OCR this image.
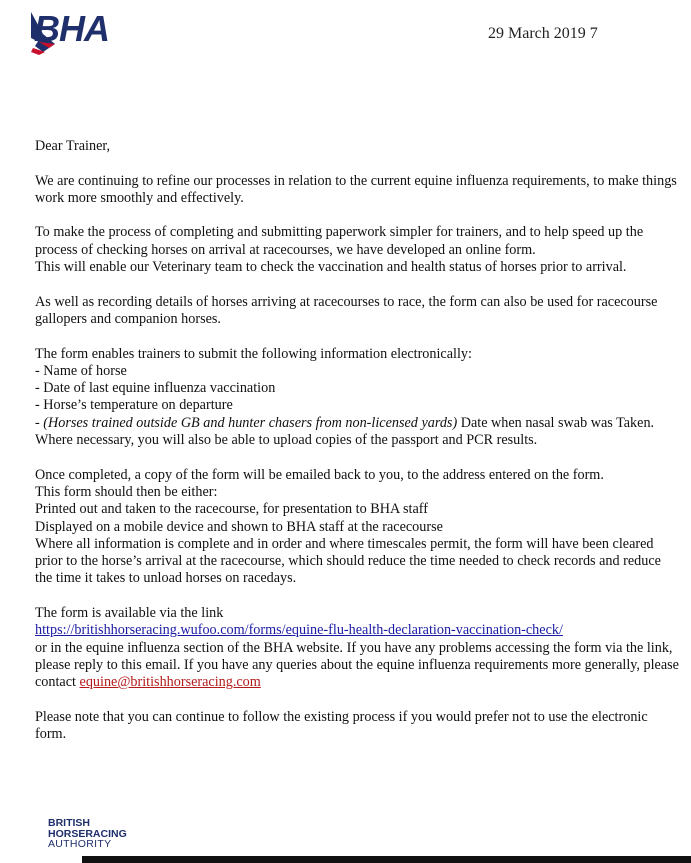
BHA	29 March 2019 7

Dear Trainer,

We are continuing to refine our processes in relation to the current equine influenza requirements, to make things work more smoothly and effectively.

To make the process of completing and submitting paperwork simpler for trainers, and to help speed up the process of checking horses on arrival at racecourses, we have developed an online form.
This will enable our Veterinary team to check the vaccination and health status of horses prior to arrival.

As well as recording details of horses arriving at racecourses to race, the form can also be used for racecourse gallopers and companion horses.

The form enables trainers to submit the following information electronically:
- Name of horse
- Date of last equine influenza vaccination
- Horse’s temperature on departure
- (Horses trained outside GB and hunter chasers from non-licensed yards) Date when nasal swab was Taken.
Where necessary, you will also be able to upload copies of the passport and PCR results.

Once completed, a copy of the form will be emailed back to you, to the address entered on the form.
This form should then be either:
Printed out and taken to the racecourse, for presentation to BHA staff
Displayed on a mobile device and shown to BHA staff at the racecourse
Where all information is complete and in order and where timescales permit, the form will have been cleared prior to the horse’s arrival at the racecourse, which should reduce the time needed to check records and reduce the time it takes to unload horses on racedays.

The form is available via the link
https://britishhorseracing.wufoo.com/forms/equine-flu-health-declaration-vaccination-check/
or in the equine influenza section of the BHA website. If you have any problems accessing the form via the link, please reply to this email. If you have any queries about the equine influenza requirements more generally, please contact equine@britishhorseracing.com

Please note that you can continue to follow the existing process if you would prefer not to use the electronic form.

BRITISH
HORSERACING
AUTHORITY
